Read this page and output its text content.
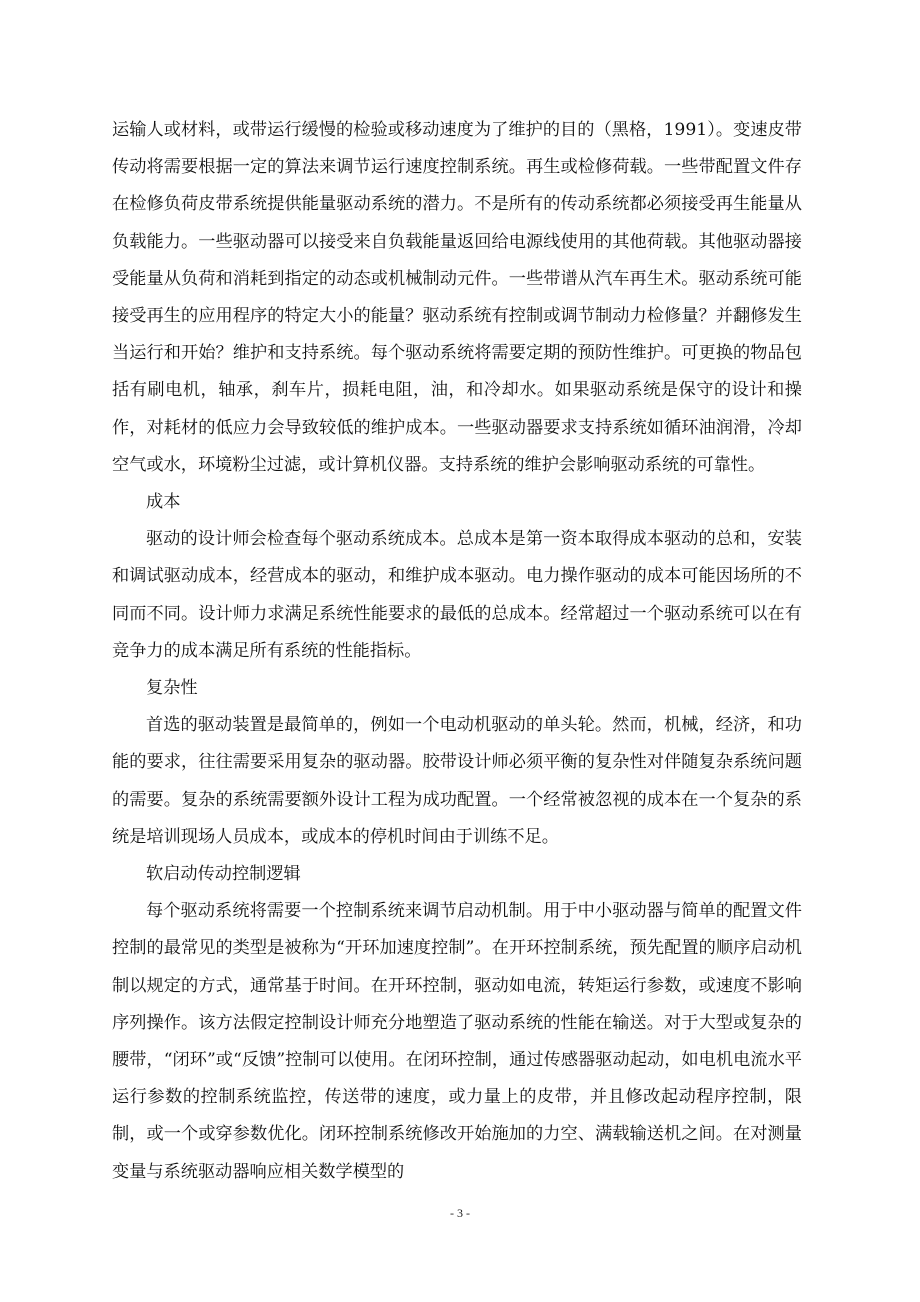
运输人或材料，或带运行缓慢的检验或移动速度为了维护的目的（黑格，1991）。变速皮带传动将需要根据一定的算法来调节运行速度控制系统。再生或检修荷载。一些带配置文件存在检修负荷皮带系统提供能量驱动系统的潜力。不是所有的传动系统都必须接受再生能量从负载能力。一些驱动器可以接受来自负载能量返回给电源线使用的其他荷载。其他驱动器接受能量从负荷和消耗到指定的动态或机械制动元件。一些带谱从汽车再生术。驱动系统可能接受再生的应用程序的特定大小的能量？驱动系统有控制或调节制动力检修量？并翻修发生当运行和开始？维护和支持系统。每个驱动系统将需要定期的预防性维护。可更换的物品包括有刷电机，轴承，刹车片，损耗电阻，油，和冷却水。如果驱动系统是保守的设计和操作，对耗材的低应力会导致较低的维护成本。一些驱动器要求支持系统如循环油润滑，冷却空气或水，环境粉尘过滤，或计算机仪器。支持系统的维护会影响驱动系统的可靠性。

成本

驱动的设计师会检查每个驱动系统成本。总成本是第一资本取得成本驱动的总和，安装和调试驱动成本，经营成本的驱动，和维护成本驱动。电力操作驱动的成本可能因场所的不同而不同。设计师力求满足系统性能要求的最低的总成本。经常超过一个驱动系统可以在有竞争力的成本满足所有系统的性能指标。

复杂性

首选的驱动装置是最简单的，例如一个电动机驱动的单头轮。然而，机械，经济，和功能的要求，往往需要采用复杂的驱动器。胶带设计师必须平衡的复杂性对伴随复杂系统问题的需要。复杂的系统需要额外设计工程为成功配置。一个经常被忽视的成本在一个复杂的系统是培训现场人员成本，或成本的停机时间由于训练不足。

软启动传动控制逻辑

每个驱动系统将需要一个控制系统来调节启动机制。用于中小驱动器与简单的配置文件控制的最常见的类型是被称为“开环加速度控制”。在开环控制系统，预先配置的顺序启动机制以规定的方式，通常基于时间。在开环控制，驱动如电流，转矩运行参数，或速度不影响序列操作。该方法假定控制设计师充分地塑造了驱动系统的性能在输送。对于大型或复杂的腰带，“闭环”或“反馈”控制可以使用。在闭环控制，通过传感器驱动起动，如电机电流水平运行参数的控制系统监控，传送带的速度，或力量上的皮带，并且修改起动程序控制，限制，或一个或穿参数优化。闭环控制系统修改开始施加的力空、满载输送机之间。在对测量变量与系统驱动器响应相关数学模型的

- 3 -
